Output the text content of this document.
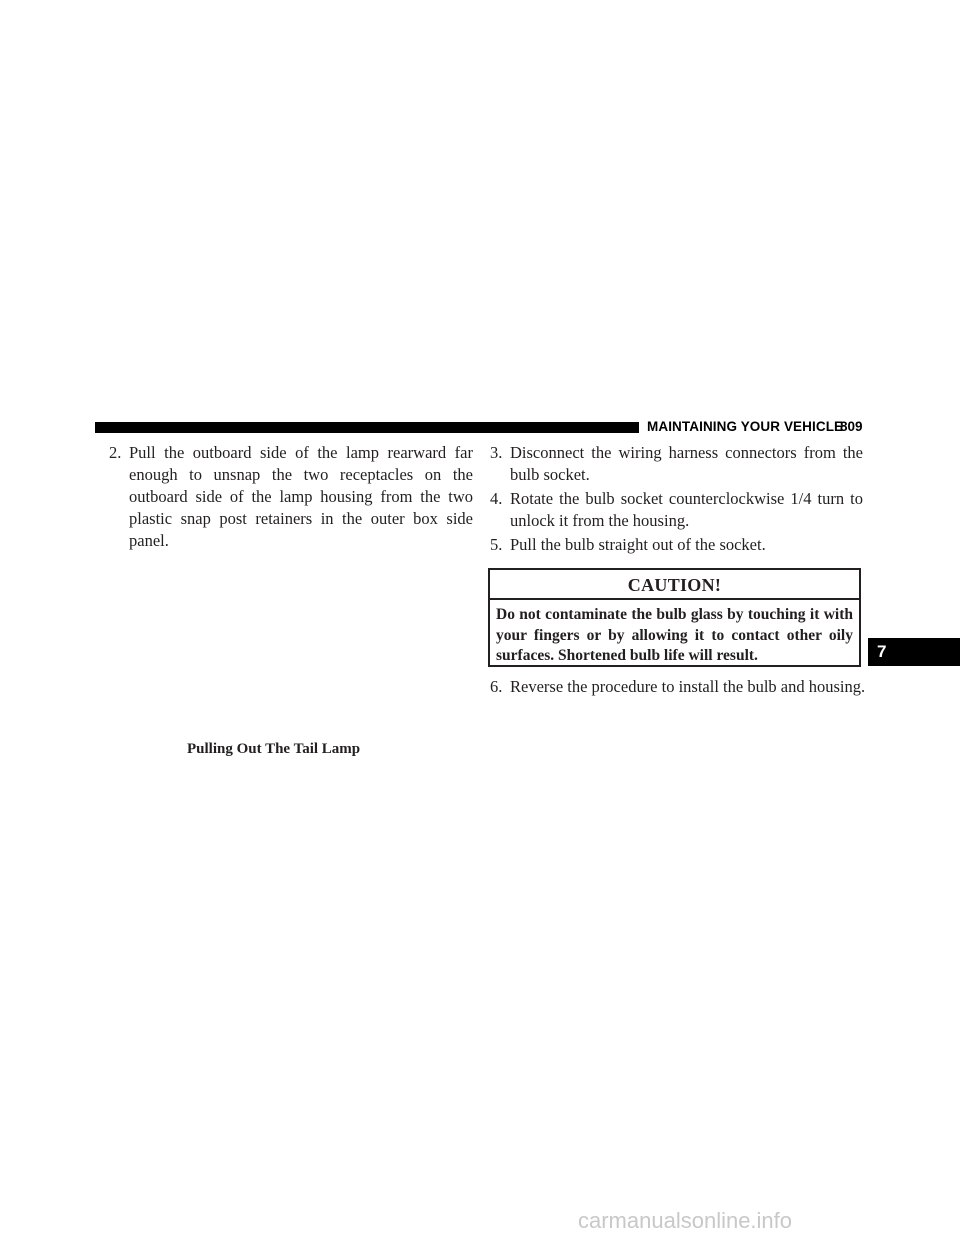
MAINTAINING YOUR VEHICLE
809
2. Pull the outboard side of the lamp rearward far enough to unsnap the two receptacles on the outboard side of the lamp housing from the two plastic snap post retainers in the outer box side panel.
3. Disconnect the wiring harness connectors from the bulb socket.
4. Rotate the bulb socket counterclockwise 1/4 turn to unlock it from the housing.
5. Pull the bulb straight out of the socket.
CAUTION!
Do not contaminate the bulb glass by touching it with your fingers or by allowing it to contact other oily surfaces. Shortened bulb life will result.
6. Reverse the procedure to install the bulb and housing.
7
Pulling Out The Tail Lamp
carmanualsonline.info
